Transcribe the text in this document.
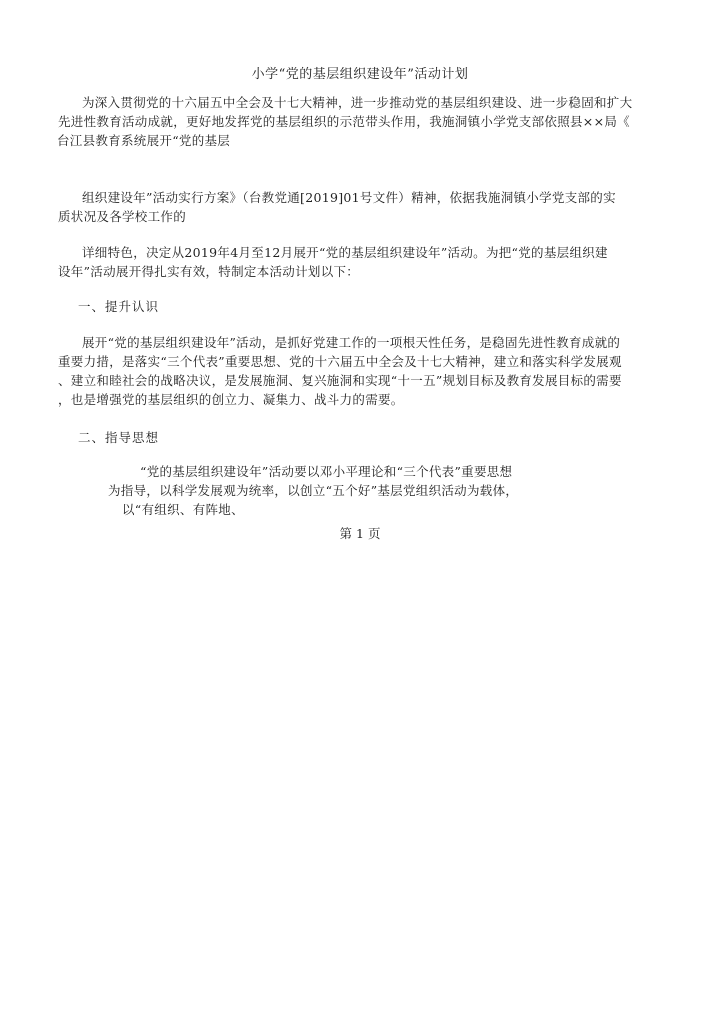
小学“党的基层组织建设年”活动计划
为深入贯彻党的十六届五中全会及十七大精神，进一步推动党的基层组织建设、进一步稳固和扩大
先进性教育活动成就，更好地发挥党的基层组织的示范带头作用，我施洞镇小学党支部依照县××局《
台江县教育系统展开“党的基层
组织建设年”活动实行方案》（台教党通[2019]01号文件）精神，依据我施洞镇小学党支部的实
质状况及各学校工作的
详细特色，决定从2019年4月至12月展开“党的基层组织建设年”活动。为把“党的基层组织建
设年”活动展开得扎实有效，特制定本活动计划以下：
一、提升认识
展开“党的基层组织建设年”活动，是抓好党建工作的一项根天性任务，是稳固先进性教育成就的
重要力措，是落实“三个代表”重要思想、党的十六届五中全会及十七大精神，建立和落实科学发展观
、建立和睦社会的战略决议，是发展施洞、复兴施洞和实现“十一五”规划目标及教育发展目标的需要
，也是增强党的基层组织的创立力、凝集力、战斗力的需要。
二、指导思想
“党的基层组织建设年”活动要以邓小平理论和“三个代表”重要思想
为指导，以科学发展观为统率，以创立“五个好”基层党组织活动为载体，
以“有组织、有阵地、
第 1 页
